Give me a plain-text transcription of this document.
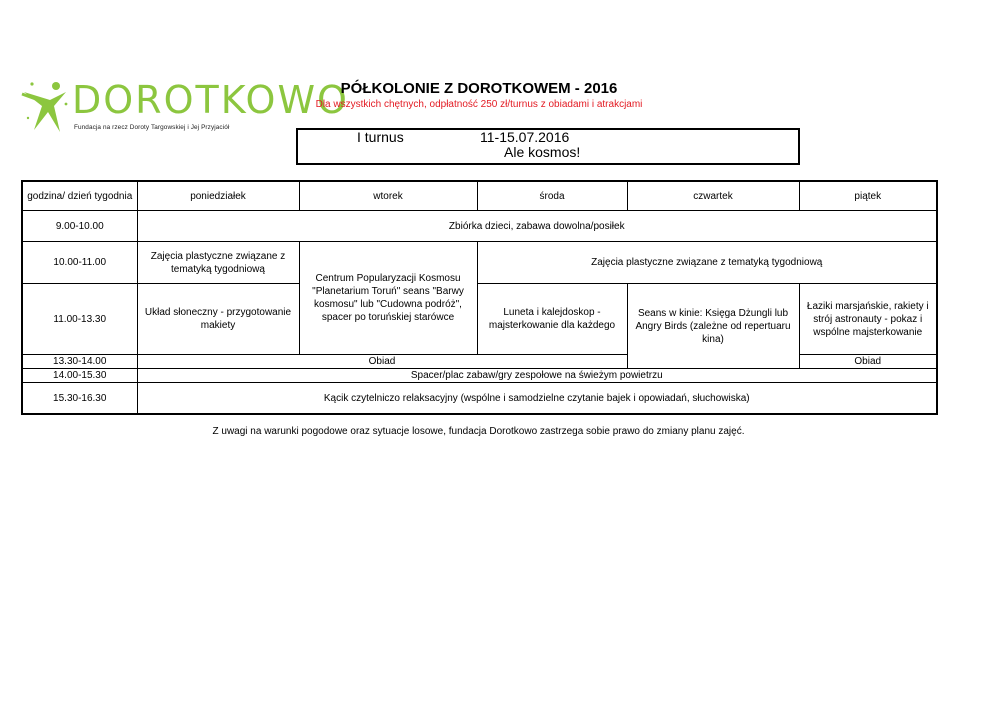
DOROTKOWO
Fundacja na rzecz Doroty Targowskiej i Jej Przyjaciół
PÓŁKOLONIE Z DOROTKOWEM - 2016
Dla wszystkich chętnych, odpłatność 250 zł/turnus z obiadami i atrakcjami
I turnus	11-15.07.2016
Ale kosmos!
godzina/ dzień tygodnia	poniedziałek	wtorek	środa	czwartek	piątek
9.00-10.00	Zbiórka dzieci, zabawa dowolna/posiłek				
10.00-11.00	Zajęcia plastyczne związane z tematyką tygodniową	Centrum Popularyzacji Kosmosu "Planetarium Toruń" seans "Barwy kosmosu" lub "Cudowna podróż", spacer po toruńskiej starówce	Zajęcia plastyczne związane z tematyką tygodniową		
11.00-13.30	Układ słoneczny - przygotowanie makiety		Luneta i kalejdoskop - majsterkowanie dla każdego	Seans w kinie: Księga Dżungli lub Angry Birds (zależne od repertuaru kina)	Łaziki marsjańskie, rakiety i strój astronauty - pokaz i wspólne majsterkowanie
13.30-14.00	Obiad				Obiad
14.00-15.30	Spacer/plac zabaw/gry zespołowe na świeżym powietrzu				
15.30-16.30	Kącik czytelniczo relaksacyjny (wspólne i samodzielne czytanie bajek i opowiadań, słuchowiska)				
Z uwagi na warunki pogodowe oraz sytuacje losowe, fundacja Dorotkowo zastrzega sobie prawo do zmiany planu zajęć.
